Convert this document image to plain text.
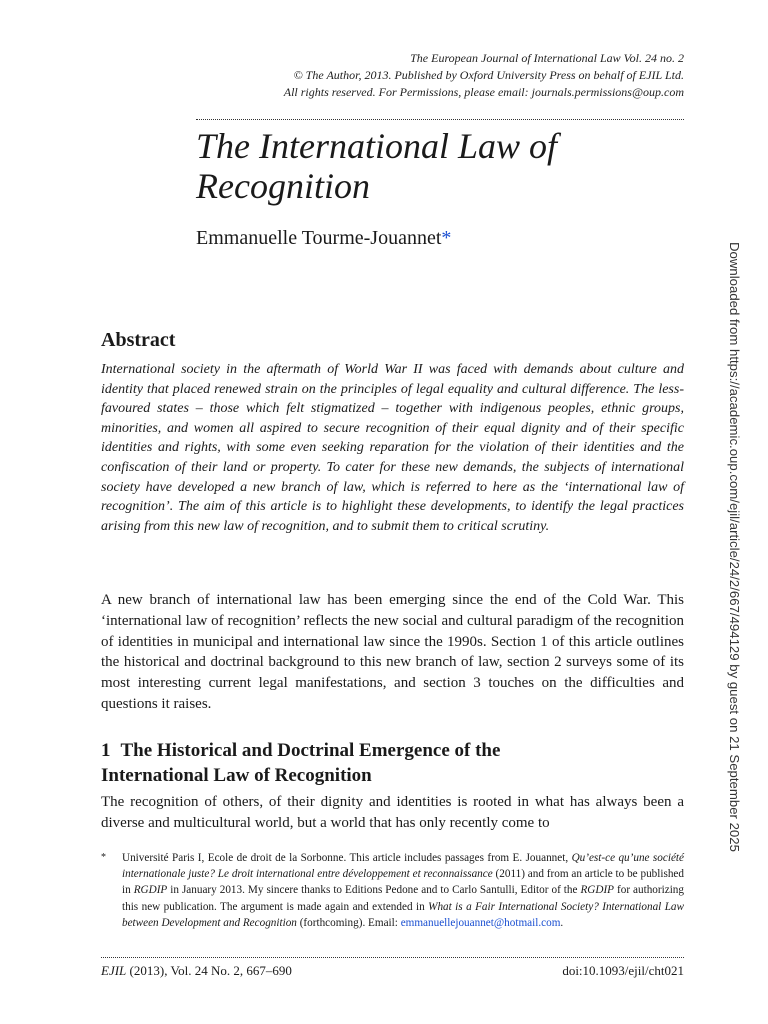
The European Journal of International Law Vol. 24 no. 2
© The Author, 2013. Published by Oxford University Press on behalf of EJIL Ltd.
All rights reserved. For Permissions, please email: journals.permissions@oup.com
The International Law of
Recognition
Emmanuelle Tourme-Jouannet*
Abstract
International society in the aftermath of World War II was faced with demands about culture and identity that placed renewed strain on the principles of legal equality and cultural difference. The less-favoured states – those which felt stigmatized – together with indigenous peoples, ethnic groups, minorities, and women all aspired to secure recognition of their equal dignity and of their specific identities and rights, with some even seeking reparation for the violation of their identities and the confiscation of their land or property. To cater for these new demands, the subjects of international society have developed a new branch of law, which is referred to here as the ‘international law of recognition’. The aim of this article is to highlight these developments, to identify the legal practices arising from this new law of recognition, and to submit them to critical scrutiny.
A new branch of international law has been emerging since the end of the Cold War. This ‘international law of recognition’ reflects the new social and cultural paradigm of the recognition of identities in municipal and international law since the 1990s. Section 1 of this article outlines the historical and doctrinal background to this new branch of law, section 2 surveys some of its most interesting current legal manifestations, and section 3 touches on the difficulties and questions it raises.
1 The Historical and Doctrinal Emergence of the
International Law of Recognition
The recognition of others, of their dignity and identities is rooted in what has always been a diverse and multicultural world, but a world that has only recently come to
* Université Paris I, Ecole de droit de la Sorbonne. This article includes passages from E. Jouannet, Qu’est-ce qu’une société internationale juste? Le droit international entre développement et reconnaissance (2011) and from an article to be published in RGDIP in January 2013. My sincere thanks to Editions Pedone and to Carlo Santulli, Editor of the RGDIP for authorizing this new publication. The argument is made again and extended in What is a Fair International Society? International Law between Development and Recognition (forthcoming). Email: emmanuellejouannet@hotmail.com.
EJIL (2013), Vol. 24 No. 2, 667–690	doi:10.1093/ejil/cht021
Downloaded from https://academic.oup.com/ejil/article/24/2/667/494129 by guest on 21 September 2025
